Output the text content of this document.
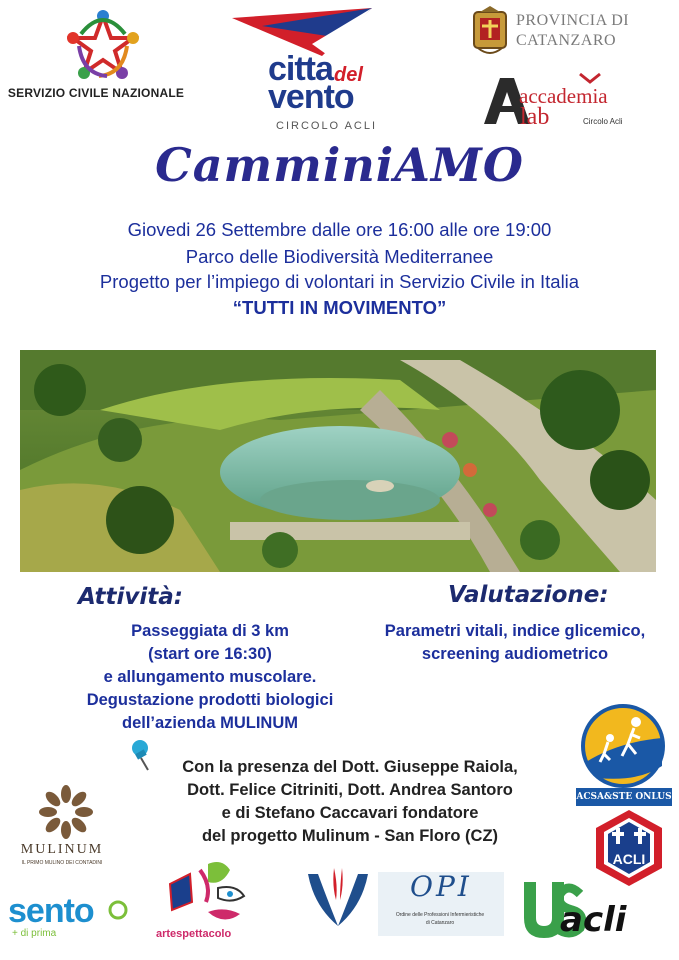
SERVIZIO CIVILE NAZIONALE
citta del
vento
CIRCOLO ACLI
PROVINCIA DI
CATANZARO
accademia
lab	Circolo Acli
CamminiAMO
Giovedi 26 Settembre dalle ore 16:00 alle ore 19:00
Parco delle Biodiversità Mediterranee
Progetto per l’impiego di volontari in Servizio Civile in Italia
“TUTTI IN MOVIMENTO”
Attività:
Passeggiata di 3 km
(start ore 16:30)
e allungamento muscolare.
Degustazione prodotti biologici
dell’azienda MULINUM
Valutazione:
Parametri vitali, indice glicemico,
screening audiometrico
Con la presenza del Dott. Giuseppe Raiola,
Dott. Felice Citriniti, Dott. Andrea Santoro
e di Stefano Caccavari fondatore
del progetto Mulinum - San Floro (CZ)
ACSA&STE ONLUS
ACLI
MULINUM
IL PRIMO MULINO DEI CONTADINI
sento
+ di prima	artespettacolo
OPI
Ordine delle Professioni Infermieristiche
di Catanzaro	acli
